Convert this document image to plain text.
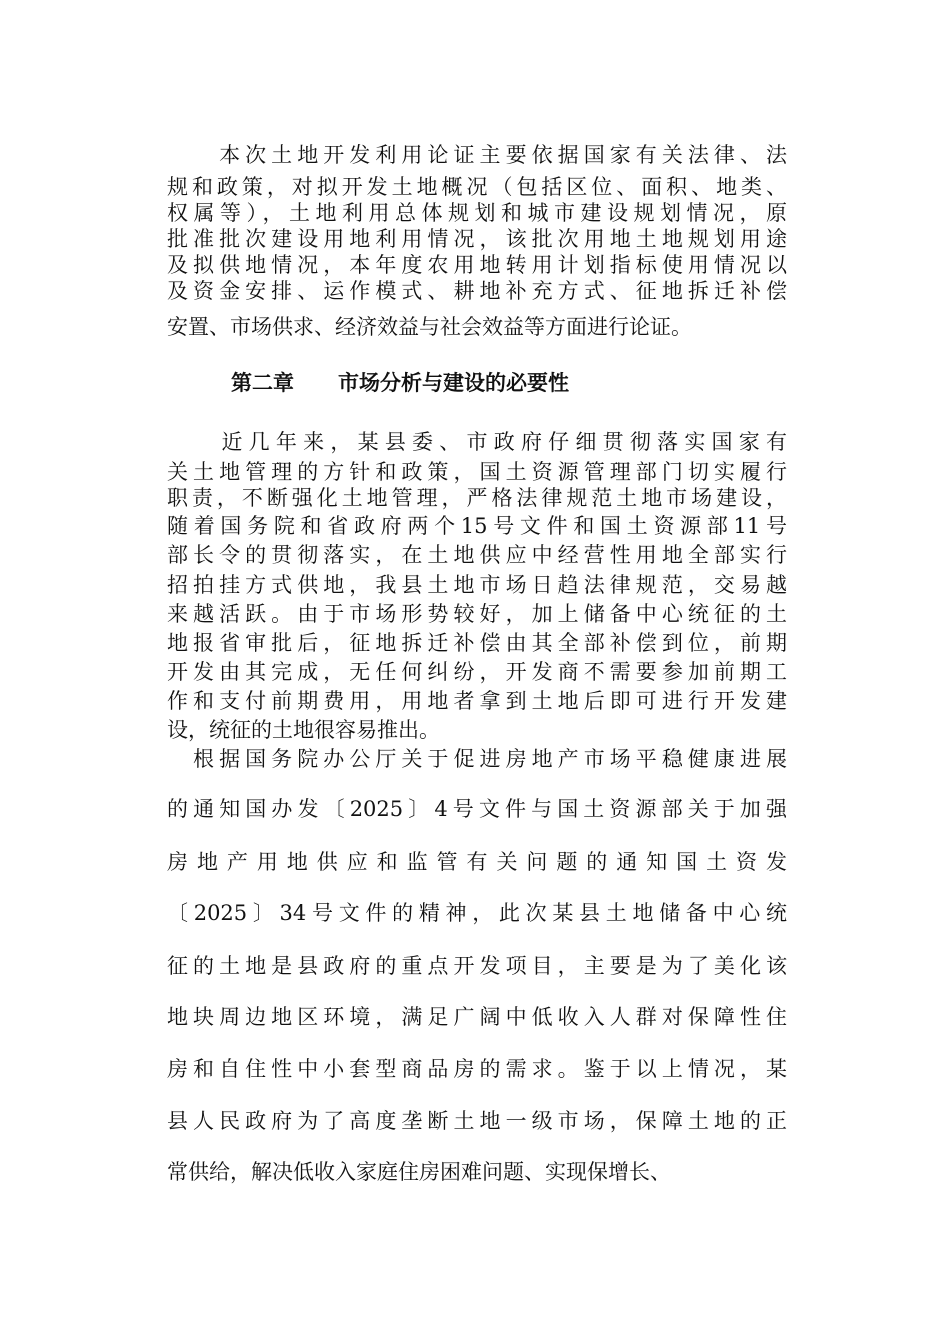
　　本次土地开发利用论证主要依据国家有关法律、法
规和政策，对拟开发土地概况（包括区位、面积、地类、
权属等），土地利用总体规划和城市建设规划情况，原
批准批次建设用地利用情况，该批次用地土地规划用途
及拟供地情况，本年度农用地转用计划指标使用情况以
及资金安排、运作模式、耕地补充方式、征地拆迁补偿
安置、市场供求、经济效益与社会效益等方面进行论证。
第二章 市场分析与建设的必要性
　　近几年来，某县委、市政府仔细贯彻落实国家有
关土地管理的方针和政策，国土资源管理部门切实履行
职责，不断强化土地管理，严格法律规范土地市场建设，
随着国务院和省政府两个15号文件和国土资源部11号
部长令的贯彻落实，在土地供应中经营性用地全部实行
招拍挂方式供地，我县土地市场日趋法律规范，交易越
来越活跃。由于市场形势较好，加上储备中心统征的土
地报省审批后，征地拆迁补偿由其全部补偿到位，前期
开发由其完成，无任何纠纷，开发商不需要参加前期工
作和支付前期费用，用地者拿到土地后即可进行开发建
设，统征的土地很容易推出。
　根据国务院办公厅关于促进房地产市场平稳健康进展
的通知国办发〔2025〕4号文件与国土资源部关于加强
房地产用地供应和监管有关问题的通知国土资发
〔2025〕34号文件的精神，此次某县土地储备中心统
征的土地是县政府的重点开发项目，主要是为了美化该
地块周边地区环境，满足广阔中低收入人群对保障性住
房和自住性中小套型商品房的需求。鉴于以上情况，某
县人民政府为了高度垄断土地一级市场，保障土地的正
常供给，解决低收入家庭住房困难问题、实现保增长、
